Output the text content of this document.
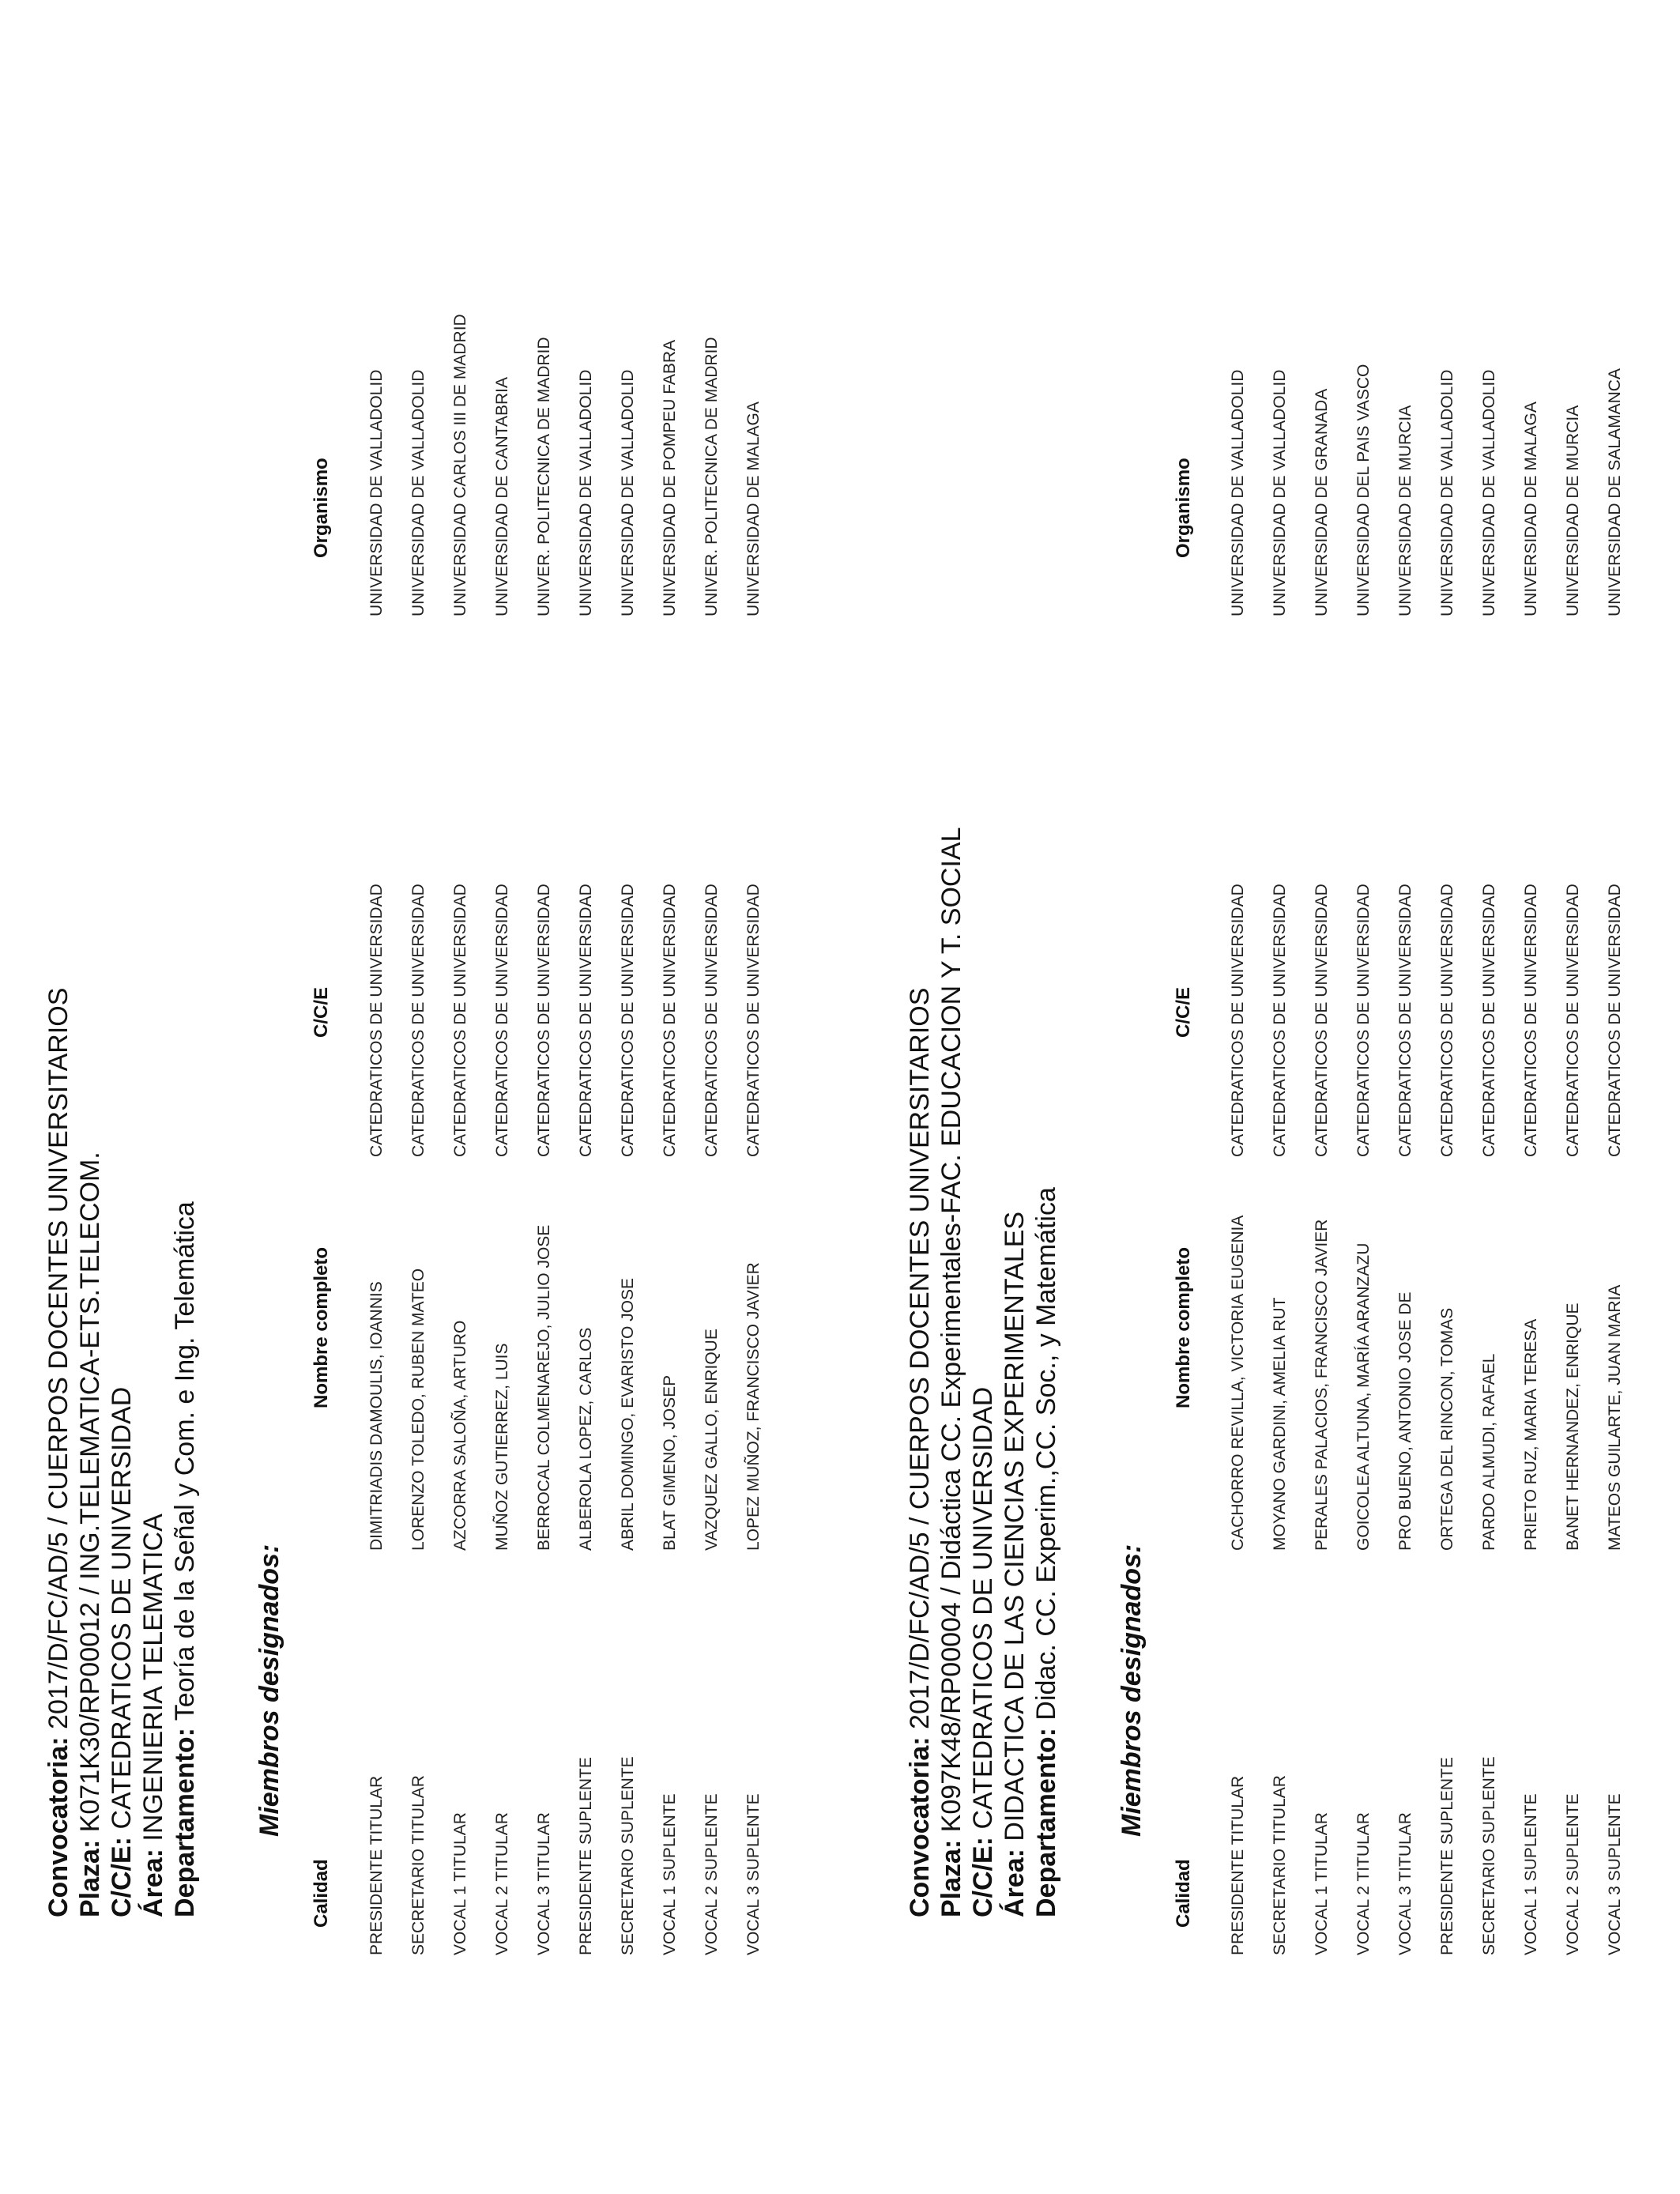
Convocatoria: 2017/D/FC/AD/5 / CUERPOS DOCENTES UNIVERSITARIOS
Plaza: K071K30/RP00012 / ING.TELEMATICA-ETS.TELECOM.
C/C/E: CATEDRATICOS DE UNIVERSIDAD
Área: INGENIERIA TELEMATICA Departamento: Teoría de la Señal y Com. e Ing. Telemática Miembros designados:
Calidad
Nombre completo
C/C/E
Organismo
PRESIDENTE TITULAR
DIMITRIADIS DAMOULIS, IOANNIS
CATEDRATICOS DE UNIVERSIDAD
UNIVERSIDAD DE VALLADOLID
SECRETARIO TITULAR
LORENZO TOLEDO, RUBEN MATEO
CATEDRATICOS DE UNIVERSIDAD
UNIVERSIDAD DE VALLADOLID
VOCAL 1 TITULAR
AZCORRA SALOÑA, ARTURO
CATEDRATICOS DE UNIVERSIDAD
UNIVERSIDAD CARLOS III DE MADRID
VOCAL 2 TITULAR
MUÑOZ GUTIERREZ, LUIS
CATEDRATICOS DE UNIVERSIDAD
UNIVERSIDAD DE CANTABRIA
VOCAL 3 TITULAR
BERROCAL COLMENAREJO, JULIO JOSE
CATEDRATICOS DE UNIVERSIDAD
UNIVER. POLITECNICA DE MADRID
PRESIDENTE SUPLENTE
ALBEROLA LOPEZ, CARLOS
CATEDRATICOS DE UNIVERSIDAD
UNIVERSIDAD DE VALLADOLID
SECRETARIO SUPLENTE
ABRIL DOMINGO, EVARISTO JOSE
CATEDRATICOS DE UNIVERSIDAD
UNIVERSIDAD DE VALLADOLID
VOCAL 1 SUPLENTE
BLAT GIMENO, JOSEP
CATEDRATICOS DE UNIVERSIDAD
UNIVERSIDAD DE POMPEU FABRA
VOCAL 2 SUPLENTE
VAZQUEZ GALLO, ENRIQUE
CATEDRATICOS DE UNIVERSIDAD
UNIVER. POLITECNICA DE MADRID
VOCAL 3 SUPLENTE
LOPEZ MUÑOZ, FRANCISCO JAVIER
CATEDRATICOS DE UNIVERSIDAD
UNIVERSIDAD DE MALAGA
Convocatoria: 2017/D/FC/AD/5 / CUERPOS DOCENTES UNIVERSITARIOS
Plaza: K097K48/RP00004 / Didáctica CC. Experimentales-FAC. EDUCACION Y T. SOCIAL
C/C/E: CATEDRATICOS DE UNIVERSIDAD
Área: DIDACTICA DE LAS CIENCIAS EXPERIMENTALES Departamento: Didac. CC. Experim.,CC. Soc., y Matemática Miembros designados:
Calidad
Nombre completo
C/C/E
Organismo
PRESIDENTE TITULAR
CACHORRO REVILLA, VICTORIA EUGENIA
CATEDRATICOS DE UNIVERSIDAD
UNIVERSIDAD DE VALLADOLID
SECRETARIO TITULAR
MOYANO GARDINI, AMELIA RUT
CATEDRATICOS DE UNIVERSIDAD
UNIVERSIDAD DE VALLADOLID
VOCAL 1 TITULAR
PERALES PALACIOS, FRANCISCO JAVIER
CATEDRATICOS DE UNIVERSIDAD
UNIVERSIDAD DE GRANADA
VOCAL 2 TITULAR
GOICOLEA ALTUNA, MARÍA ARANZAZU
CATEDRATICOS DE UNIVERSIDAD
UNIVERSIDAD DEL PAIS VASCO
VOCAL 3 TITULAR
PRO BUENO, ANTONIO JOSE DE
CATEDRATICOS DE UNIVERSIDAD
UNIVERSIDAD DE MURCIA
PRESIDENTE SUPLENTE
ORTEGA DEL RINCON, TOMAS
CATEDRATICOS DE UNIVERSIDAD
UNIVERSIDAD DE VALLADOLID
SECRETARIO SUPLENTE
PARDO ALMUDI, RAFAEL
CATEDRATICOS DE UNIVERSIDAD
UNIVERSIDAD DE VALLADOLID
VOCAL 1 SUPLENTE
PRIETO RUZ, MARIA TERESA
CATEDRATICOS DE UNIVERSIDAD
UNIVERSIDAD DE MALAGA
VOCAL 2 SUPLENTE
BANET HERNANDEZ, ENRIQUE
CATEDRATICOS DE UNIVERSIDAD
UNIVERSIDAD DE MURCIA
VOCAL 3 SUPLENTE
MATEOS GUILARTE, JUAN MARIA
CATEDRATICOS DE UNIVERSIDAD
UNIVERSIDAD DE SALAMANCA
